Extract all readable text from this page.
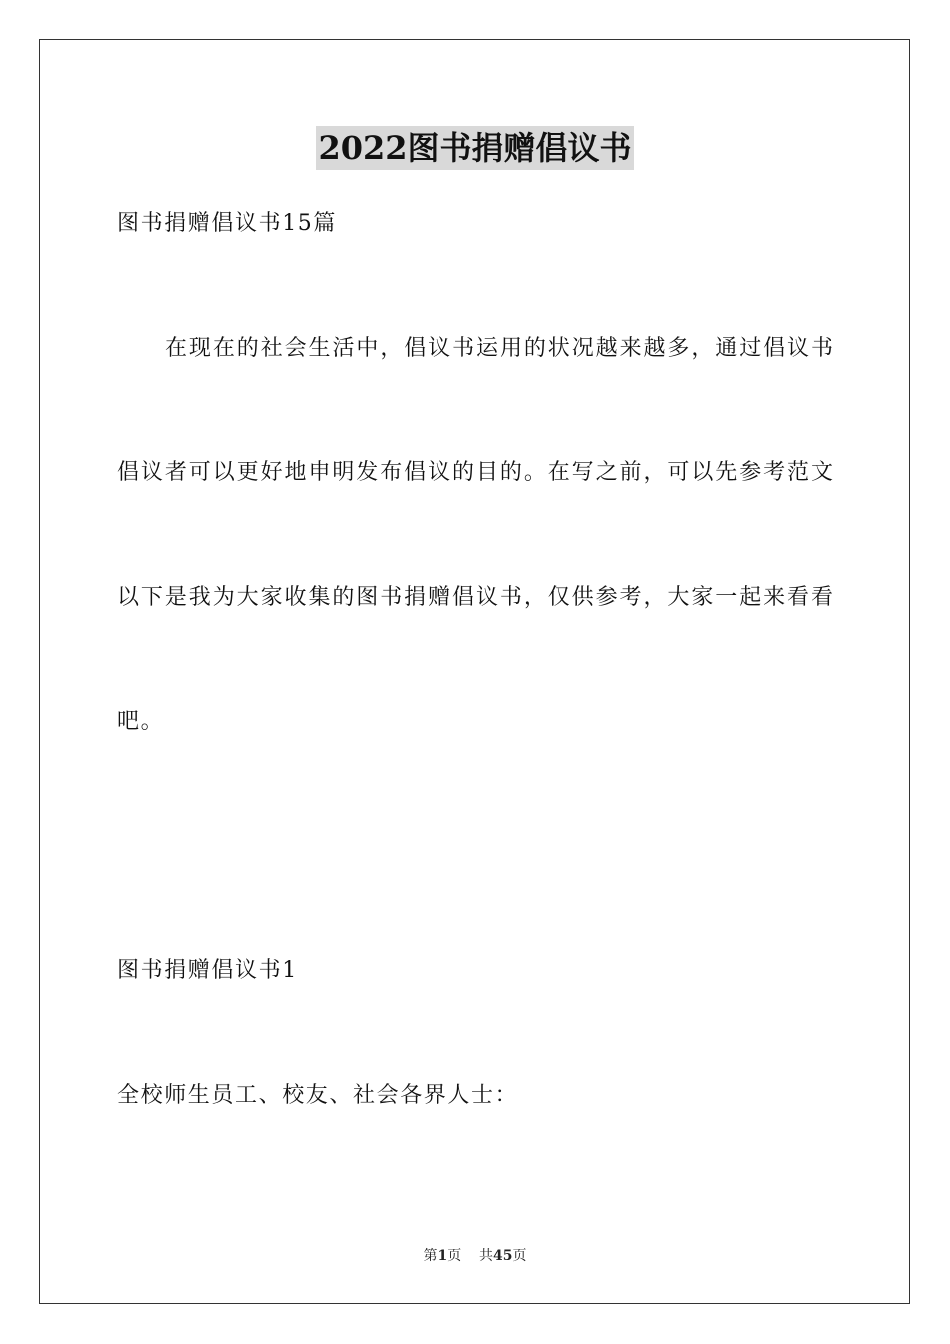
2022图书捐赠倡议书
图书捐赠倡议书15篇
在现在的社会生活中，倡议书运用的状况越来越多，通过倡议书
倡议者可以更好地申明发布倡议的目的。在写之前，可以先参考范文
以下是我为大家收集的图书捐赠倡议书，仅供参考，大家一起来看看
吧。
图书捐赠倡议书1
全校师生员工、校友、社会各界人士：
第1页 共45页
